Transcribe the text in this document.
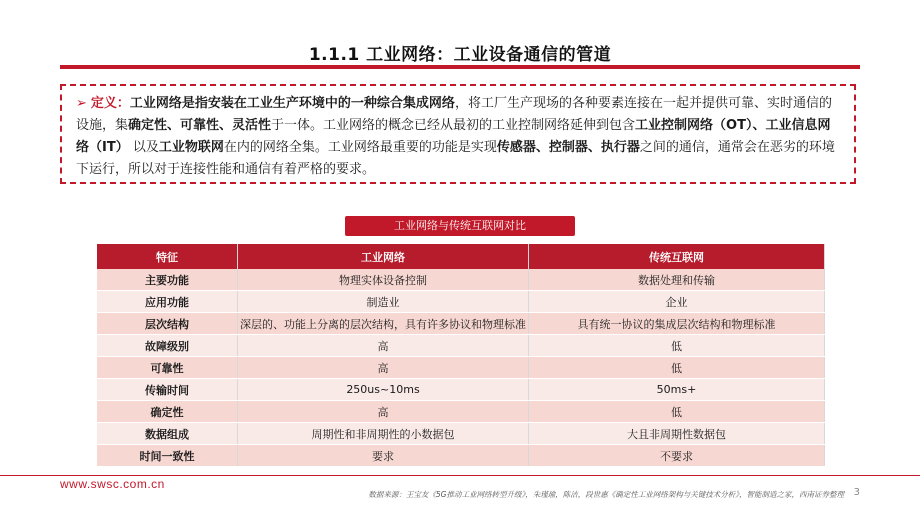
1.1.1 工业网络：工业设备通信的管道
➢ 定义：工业网络是指安装在工业生产环境中的一种综合集成网络，将工厂生产现场的各种要素连接在一起并提供可靠、实时通信的设施，集确定性、可靠性、灵活性于一体。工业网络的概念已经从最初的工业控制网络延伸到包含工业控制网络（OT）、工业信息网络（IT） 以及工业物联网在内的网络全集。工业网络最重要的功能是实现传感器、控制器、执行器之间的通信，通常会在恶劣的环境下运行，所以对于连接性能和通信有着严格的要求。
工业网络与传统互联网对比
特征	工业网络	传统互联网
主要功能	物理实体设备控制	数据处理和传输
应用功能	制造业	企业
层次结构	深层的、功能上分离的层次结构，具有许多协议和物理标准	具有统一协议的集成层次结构和物理标准
故障级别	高	低
可靠性	高	低
传输时间	250us~10ms	50ms+
确定性	高	低
数据组成	周期性和非周期性的小数据包	大且非周期性数据包
时间一致性	要求	不要求
www.swsc.com.cn
数据来源：王宝友《5G推动工业网络转型升级》，朱瑾瑜，陈洁，段世惠《确定性工业网络架构与关键技术分析》，智能制造之家，西南证券整理 3
